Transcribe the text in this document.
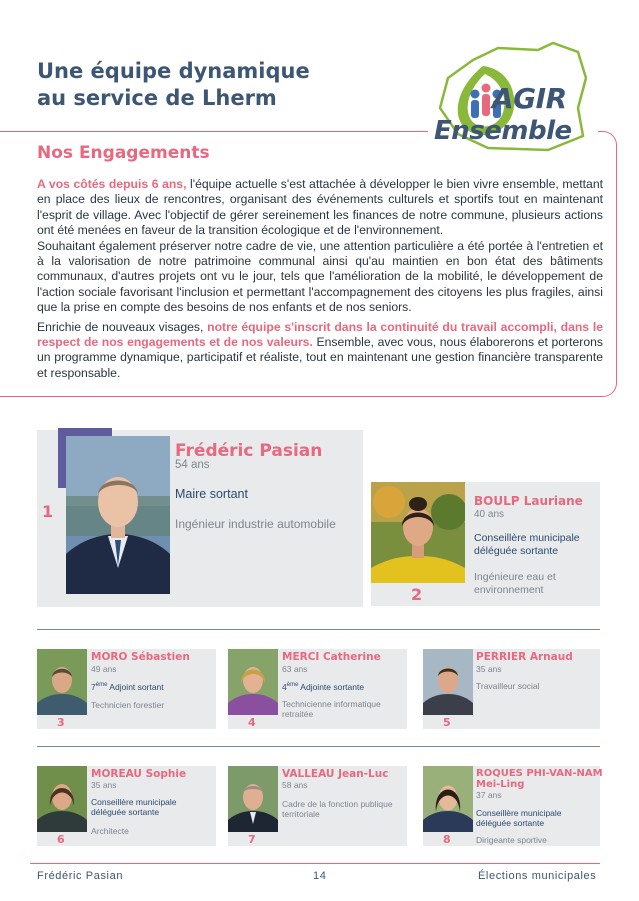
Une équipe dynamique
au service de Lherm	AGIR
Ensemble
Nos Engagements

A vos côtés depuis 6 ans, l'équipe actuelle s'est attachée à développer le bien vivre ensemble, mettant en place des lieux de rencontres, organisant des événements culturels et sportifs tout en maintenant l'esprit de village. Avec l'objectif de gérer sereinement les finances de notre commune, plusieurs actions ont été menées en faveur de la transition écologique et de l'environnement.
Souhaitant également préserver notre cadre de vie, une attention particulière a été portée à l'entretien et à la valorisation de notre patrimoine communal ainsi qu'au maintien en bon état des bâtiments communaux, d'autres projets ont vu le jour, tels que l'amélioration de la mobilité, le développement de l'action sociale favorisant l'inclusion et permettant l'accompagnement des citoyens les plus fragiles, ainsi que la prise en compte des besoins de nos enfants et de nos seniors.

Enrichie de nouveaux visages, notre équipe s'inscrit dans la continuité du travail accompli, dans le respect de nos engagements et de nos valeurs. Ensemble, avec vous, nous élaborerons et porterons un programme dynamique, participatif et réaliste, tout en maintenant une gestion financière transparente et responsable.

1
Frédéric Pasian
54 ans
Maire sortant
Ingénieur industrie automobile
2
BOULP Lauriane
40 ans
Conseillère municipale
déléguée sortante
Ingénieure eau et
environnement
3
MORO Sébastien
49 ans
7ème Adjoint sortant
Technicien forestier
4
MERCI Catherine
63 ans
4ème Adjointe sortante
Technicienne informatique
retraitée
5
PERRIER Arnaud
35 ans
Travailleur social
6
MOREAU Sophie
35 ans
Conseillère municipale
déléguée sortante
Architecte
7
VALLEAU Jean-Luc
58 ans
Cadre de la fonction publique
territoriale
8
ROQUES PHI-VAN-NAM
Mei-Ling
37 ans
Conseillère municipale
déléguée sortante
Dirigeante sportive
Frédéric Pasian	14	Élections municipales
